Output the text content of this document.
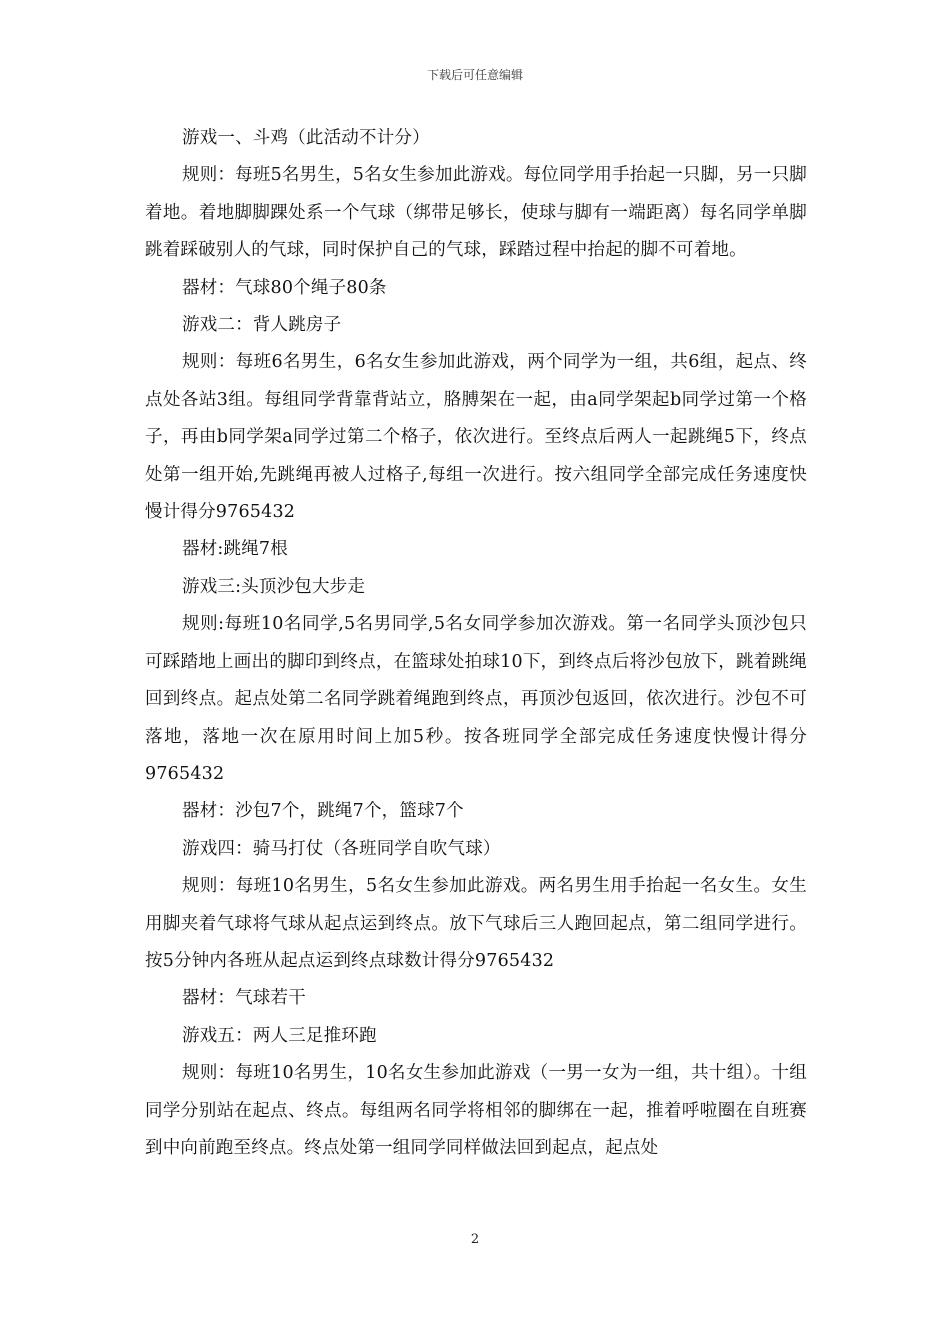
下载后可任意编辑

游戏一、斗鸡（此活动不计分）

规则：每班5名男生，5名女生参加此游戏。每位同学用手抬起一只脚，另一只脚着地。着地脚脚踝处系一个气球（绑带足够长，使球与脚有一端距离）每名同学单脚跳着踩破别人的气球，同时保护自己的气球，踩踏过程中抬起的脚不可着地。

器材：气球80个绳子80条

游戏二：背人跳房子

规则：每班6名男生，6名女生参加此游戏，两个同学为一组，共6组，起点、终点处各站3组。每组同学背靠背站立，胳膊架在一起，由a同学架起b同学过第一个格子，再由b同学架a同学过第二个格子，依次进行。至终点后两人一起跳绳5下，终点处第一组开始,先跳绳再被人过格子,每组一次进行。按六组同学全部完成任务速度快慢计得分9765432

器材:跳绳7根

游戏三:头顶沙包大步走

规则:每班10名同学,5名男同学,5名女同学参加次游戏。第一名同学头顶沙包只可踩踏地上画出的脚印到终点，在篮球处拍球10下，到终点后将沙包放下，跳着跳绳回到终点。起点处第二名同学跳着绳跑到终点，再顶沙包返回，依次进行。沙包不可落地，落地一次在原用时间上加5秒。按各班同学全部完成任务速度快慢计得分9765432

器材：沙包7个，跳绳7个，篮球7个

游戏四：骑马打仗（各班同学自吹气球）

规则：每班10名男生，5名女生参加此游戏。两名男生用手抬起一名女生。女生用脚夹着气球将气球从起点运到终点。放下气球后三人跑回起点，第二组同学进行。按5分钟内各班从起点运到终点球数计得分9765432

器材：气球若干

游戏五：两人三足推环跑

规则：每班10名男生，10名女生参加此游戏（一男一女为一组，共十组）。十组同学分别站在起点、终点。每组两名同学将相邻的脚绑在一起，推着呼啦圈在自班赛到中向前跑至终点。终点处第一组同学同样做法回到起点，起点处

2
